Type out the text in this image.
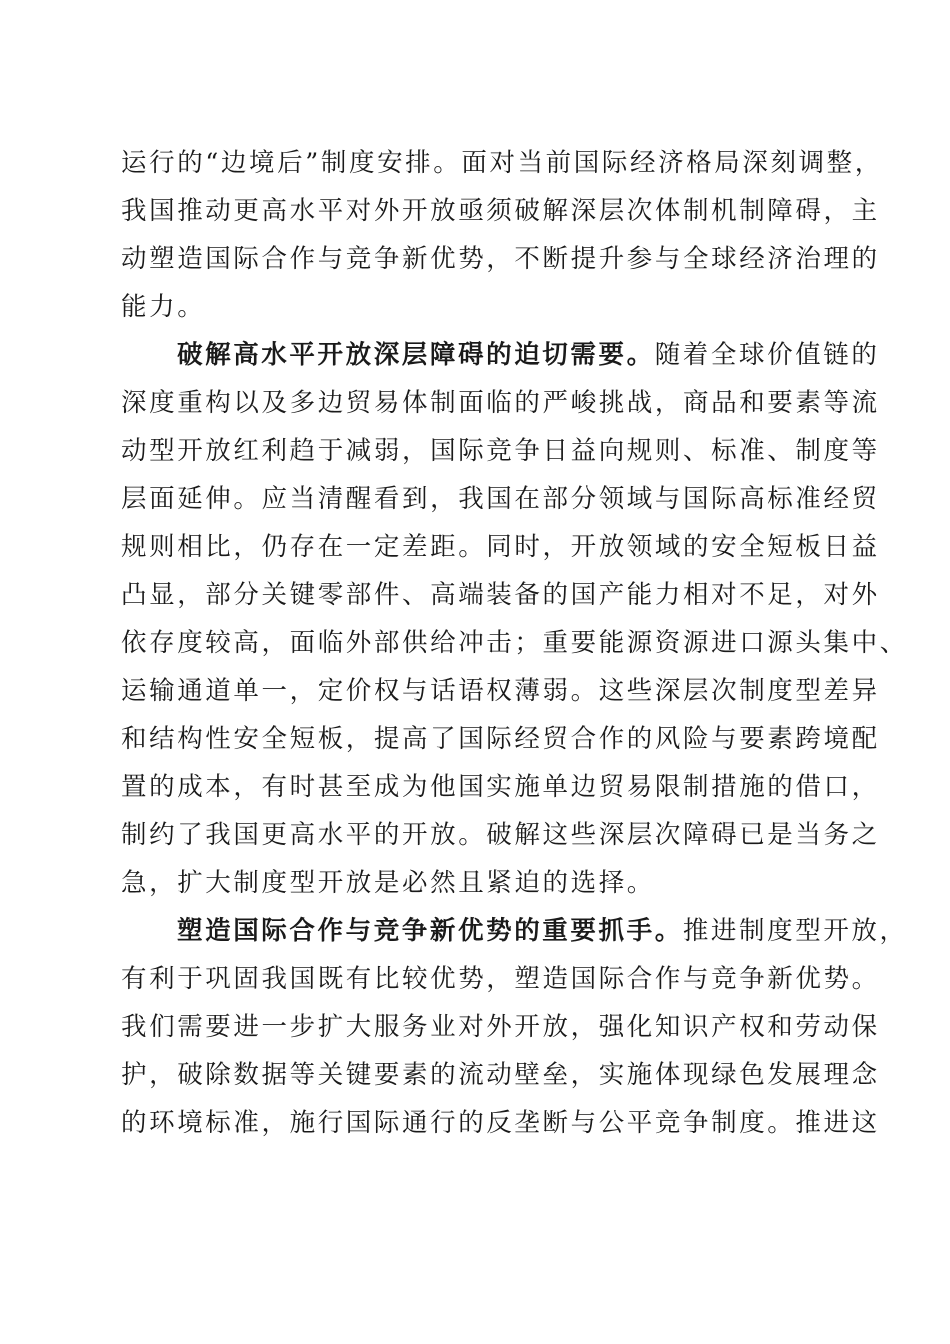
运行的“边境后”制度安排。面对当前国际经济格局深刻调整，
我国推动更高水平对外开放亟须破解深层次体制机制障碍，主
动塑造国际合作与竞争新优势，不断提升参与全球经济治理的
能力。
破解高水平开放深层障碍的迫切需要。随着全球价值链的
深度重构以及多边贸易体制面临的严峻挑战，商品和要素等流
动型开放红利趋于减弱，国际竞争日益向规则、标准、制度等
层面延伸。应当清醒看到，我国在部分领域与国际高标准经贸
规则相比，仍存在一定差距。同时，开放领域的安全短板日益
凸显，部分关键零部件、高端装备的国产能力相对不足，对外
依存度较高，面临外部供给冲击；重要能源资源进口源头集中、
运输通道单一，定价权与话语权薄弱。这些深层次制度型差异
和结构性安全短板，提高了国际经贸合作的风险与要素跨境配
置的成本，有时甚至成为他国实施单边贸易限制措施的借口，
制约了我国更高水平的开放。破解这些深层次障碍已是当务之
急，扩大制度型开放是必然且紧迫的选择。
塑造国际合作与竞争新优势的重要抓手。推进制度型开放，
有利于巩固我国既有比较优势，塑造国际合作与竞争新优势。
我们需要进一步扩大服务业对外开放，强化知识产权和劳动保
护，破除数据等关键要素的流动壁垒，实施体现绿色发展理念
的环境标准，施行国际通行的反垄断与公平竞争制度。推进这
